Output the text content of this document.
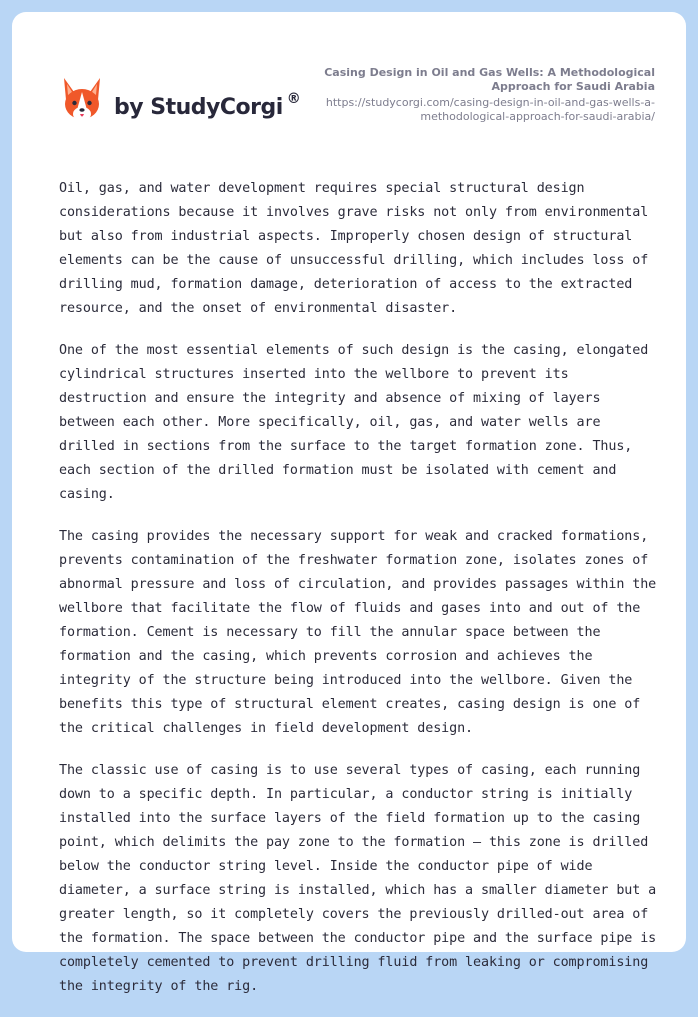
by StudyCorgi ®
Casing Design in Oil and Gas Wells: A Methodological Approach for Saudi Arabia
https://studycorgi.com/casing-design-in-oil-and-gas-wells-a-methodological-approach-for-saudi-arabia/

Oil, gas, and water development requires special structural design considerations because it involves grave risks not only from environmental but also from industrial aspects. Improperly chosen design of structural elements can be the cause of unsuccessful drilling, which includes loss of drilling mud, formation damage, deterioration of access to the extracted resource, and the onset of environmental disaster.

One of the most essential elements of such design is the casing, elongated cylindrical structures inserted into the wellbore to prevent its destruction and ensure the integrity and absence of mixing of layers between each other. More specifically, oil, gas, and water wells are drilled in sections from the surface to the target formation zone. Thus, each section of the drilled formation must be isolated with cement and casing.

The casing provides the necessary support for weak and cracked formations, prevents contamination of the freshwater formation zone, isolates zones of abnormal pressure and loss of circulation, and provides passages within the wellbore that facilitate the flow of fluids and gases into and out of the formation. Cement is necessary to fill the annular space between the formation and the casing, which prevents corrosion and achieves the integrity of the structure being introduced into the wellbore. Given the benefits this type of structural element creates, casing design is one of the critical challenges in field development design.

The classic use of casing is to use several types of casing, each running down to a specific depth. In particular, a conductor string is initially installed into the surface layers of the field formation up to the casing point, which delimits the pay zone to the formation — this zone is drilled below the conductor string level. Inside the conductor pipe of wide diameter, a surface string is installed, which has a smaller diameter but a greater length, so it completely covers the previously drilled-out area of the formation. The space between the conductor pipe and the surface pipe is completely cemented to prevent drilling fluid from leaking or compromising the integrity of the rig.
